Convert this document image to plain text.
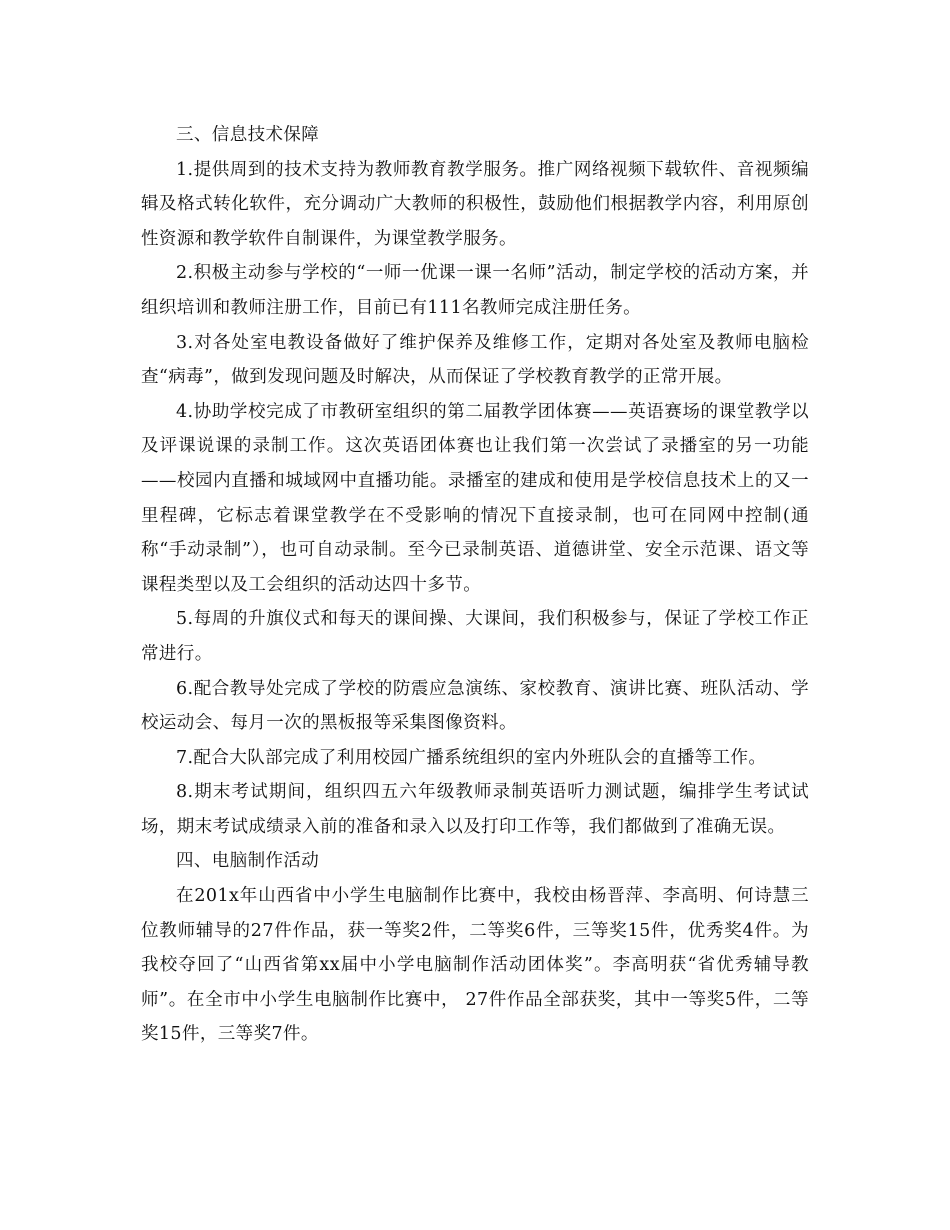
三、信息技术保障

1.提供周到的技术支持为教师教育教学服务。推广网络视频下载软件、音视频编辑及格式转化软件，充分调动广大教师的积极性，鼓励他们根据教学内容，利用原创性资源和教学软件自制课件，为课堂教学服务。

2.积极主动参与学校的“一师一优课一课一名师”活动，制定学校的活动方案，并组织培训和教师注册工作，目前已有111名教师完成注册任务。

3.对各处室电教设备做好了维护保养及维修工作，定期对各处室及教师电脑检查“病毒”，做到发现问题及时解决，从而保证了学校教育教学的正常开展。

4.协助学校完成了市教研室组织的第二届教学团体赛——英语赛场的课堂教学以及评课说课的录制工作。这次英语团体赛也让我们第一次尝试了录播室的另一功能——校园内直播和城域网中直播功能。录播室的建成和使用是学校信息技术上的又一里程碑，它标志着课堂教学在不受影响的情况下直接录制，也可在同网中控制(通称“手动录制”），也可自动录制。至今已录制英语、道德讲堂、安全示范课、语文等课程类型以及工会组织的活动达四十多节。

5.每周的升旗仪式和每天的课间操、大课间，我们积极参与，保证了学校工作正常进行。

6.配合教导处完成了学校的防震应急演练、家校教育、演讲比赛、班队活动、学校运动会、每月一次的黑板报等采集图像资料。

7.配合大队部完成了利用校园广播系统组织的室内外班队会的直播等工作。

8.期末考试期间，组织四五六年级教师录制英语听力测试题，编排学生考试试场，期末考试成绩录入前的准备和录入以及打印工作等，我们都做到了准确无误。

四、电脑制作活动

在201x年山西省中小学生电脑制作比赛中，我校由杨晋萍、李高明、何诗慧三位教师辅导的27件作品，获一等奖2件，二等奖6件，三等奖15件，优秀奖4件。为我校夺回了“山西省第xx届中小学电脑制作活动团体奖”。李高明获“省优秀辅导教师”。在全市中小学生电脑制作比赛中， 27件作品全部获奖，其中一等奖5件，二等奖15件，三等奖7件。
